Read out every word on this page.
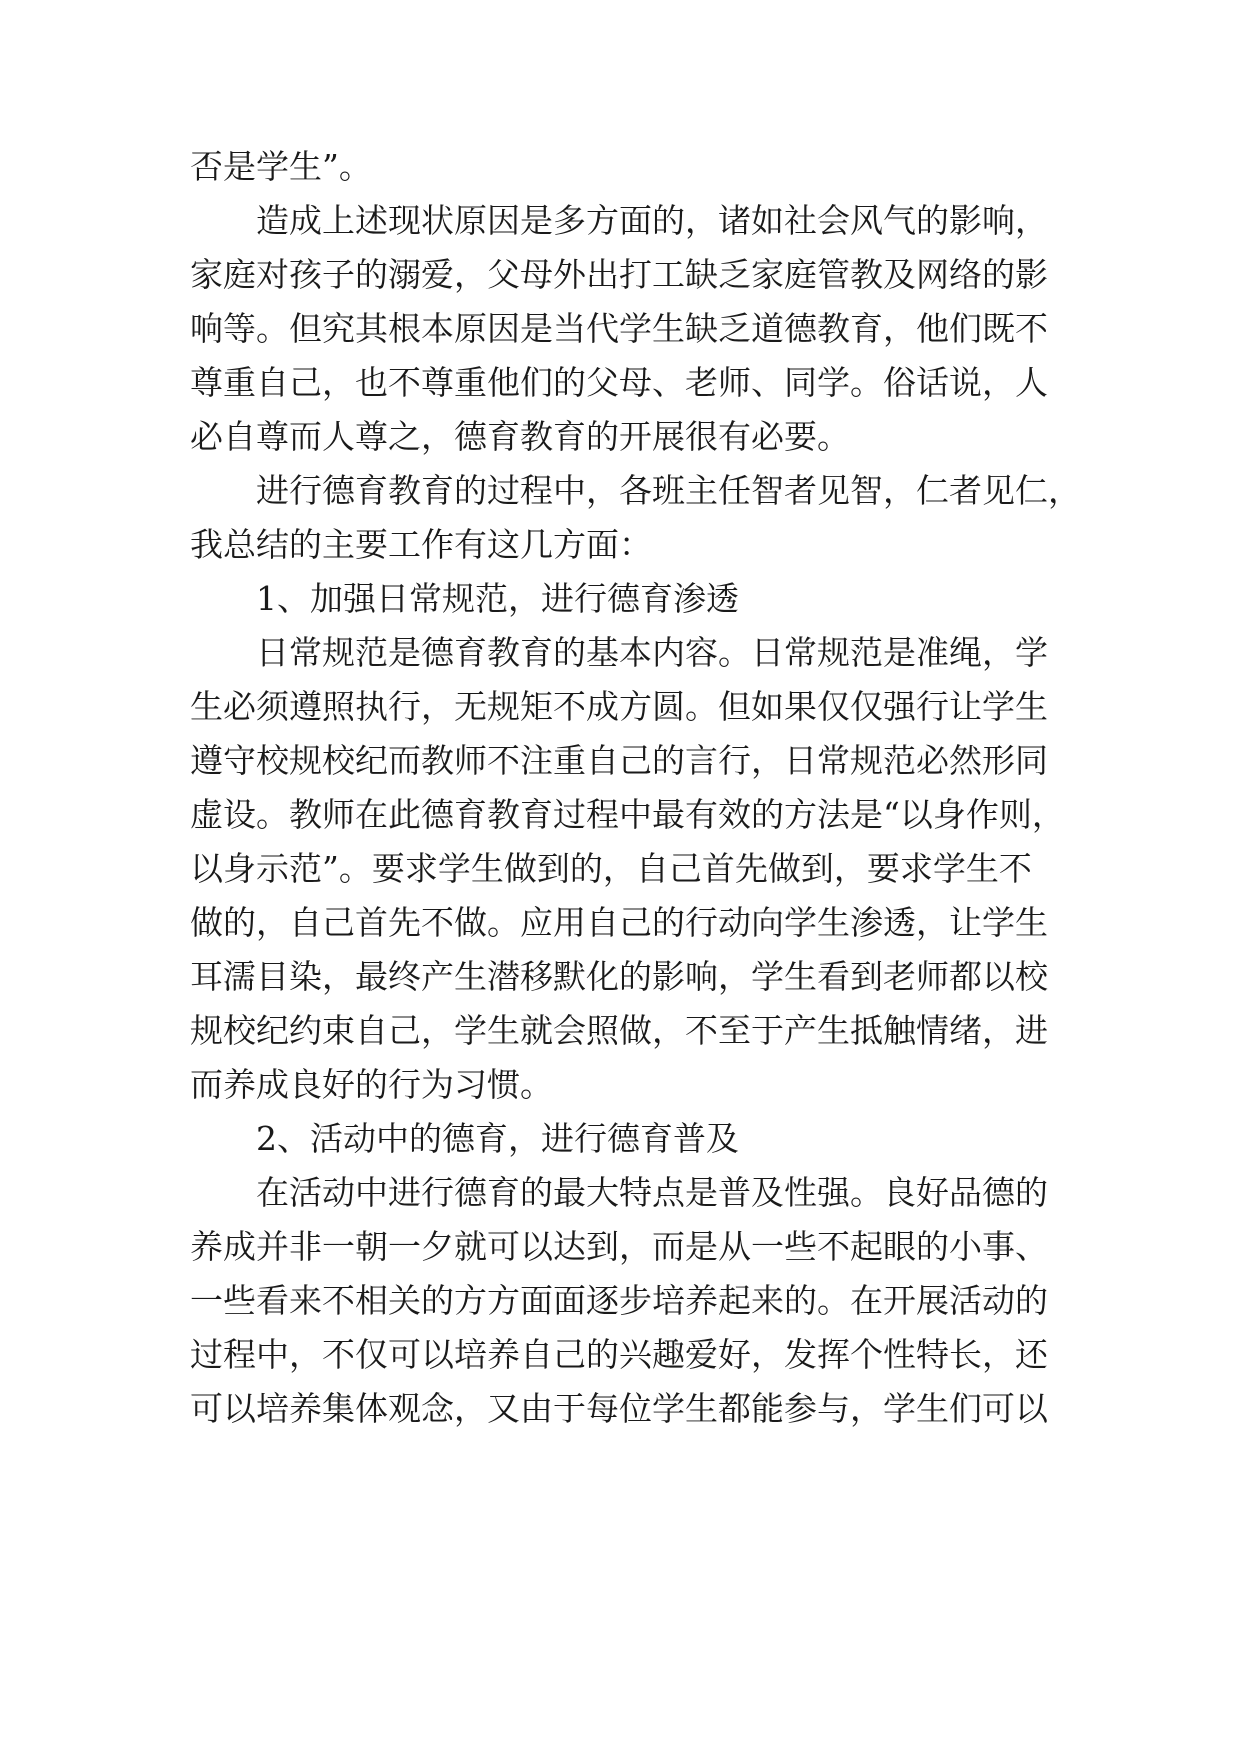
否是学生”。

造成上述现状原因是多方面的，诸如社会风气的影响，

家庭对孩子的溺爱，父母外出打工缺乏家庭管教及网络的影

响等。但究其根本原因是当代学生缺乏道德教育，他们既不

尊重自己，也不尊重他们的父母、老师、同学。俗话说，人

必自尊而人尊之，德育教育的开展很有必要。

进行德育教育的过程中，各班主任智者见智，仁者见仁，

我总结的主要工作有这几方面：

1、加强日常规范，进行德育渗透

日常规范是德育教育的基本内容。日常规范是准绳，学

生必须遵照执行，无规矩不成方圆。但如果仅仅强行让学生

遵守校规校纪而教师不注重自己的言行，日常规范必然形同

虚设。教师在此德育教育过程中最有效的方法是“以身作则，

以身示范”。要求学生做到的，自己首先做到，要求学生不

做的，自己首先不做。应用自己的行动向学生渗透，让学生

耳濡目染，最终产生潜移默化的影响，学生看到老师都以校

规校纪约束自己，学生就会照做，不至于产生抵触情绪，进

而养成良好的行为习惯。

2、活动中的德育，进行德育普及

在活动中进行德育的最大特点是普及性强。良好品德的

养成并非一朝一夕就可以达到，而是从一些不起眼的小事、

一些看来不相关的方方面面逐步培养起来的。在开展活动的

过程中，不仅可以培养自己的兴趣爱好，发挥个性特长，还

可以培养集体观念，又由于每位学生都能参与，学生们可以
